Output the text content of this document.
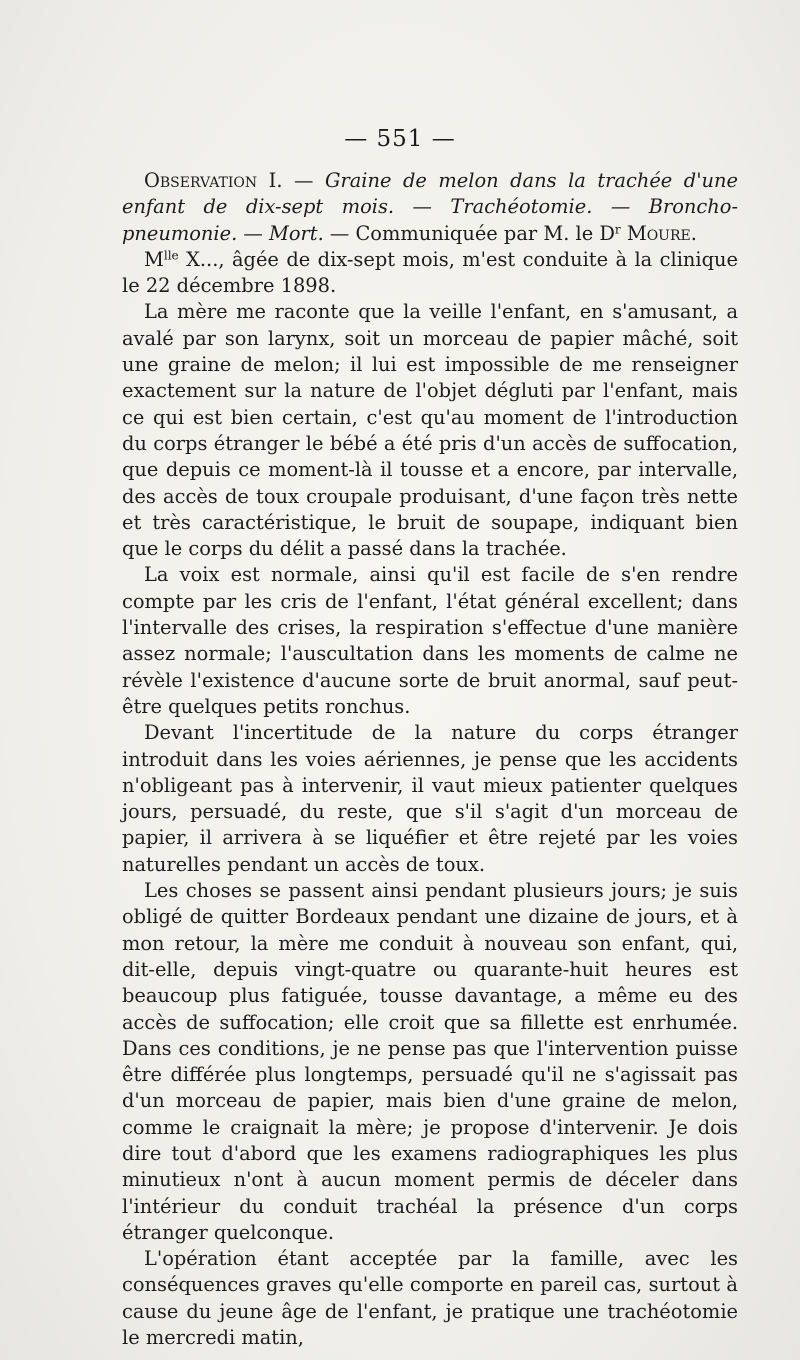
— 551 —

Observation I. — Graine de melon dans la trachée d'une enfant de dix-sept mois. — Trachéotomie. — Broncho-pneumonie. — Mort. — Communiquée par M. le $D^r$ Moure.

$M^{lle}$ X..., âgée de dix-sept mois, m'est conduite à la clinique le 22 décembre 1898.

La mère me raconte que la veille l'enfant, en s'amusant, a avalé par son larynx, soit un morceau de papier mâché, soit une graine de melon; il lui est impossible de me renseigner exactement sur la nature de l'objet dégluti par l'enfant, mais ce qui est bien certain, c'est qu'au moment de l'introduction du corps étranger le bébé a été pris d'un accès de suffocation, que depuis ce moment-là il tousse et a encore, par intervalle, des accès de toux croupale produisant, d'une façon très nette et très caractéristique, le bruit de soupape, indiquant bien que le corps du délit a passé dans la trachée.

La voix est normale, ainsi qu'il est facile de s'en rendre compte par les cris de l'enfant, l'état général excellent; dans l'intervalle des crises, la respiration s'effectue d'une manière assez normale; l'auscultation dans les moments de calme ne révèle l'existence d'aucune sorte de bruit anormal, sauf peut-être quelques petits ronchus.

Devant l'incertitude de la nature du corps étranger introduit dans les voies aériennes, je pense que les accidents n'obligeant pas à intervenir, il vaut mieux patienter quelques jours, persuadé, du reste, que s'il s'agit d'un morceau de papier, il arrivera à se liquéfier et être rejeté par les voies naturelles pendant un accès de toux.

Les choses se passent ainsi pendant plusieurs jours; je suis obligé de quitter Bordeaux pendant une dizaine de jours, et à mon retour, la mère me conduit à nouveau son enfant, qui, dit-elle, depuis vingt-quatre ou quarante-huit heures est beaucoup plus fatiguée, tousse davantage, a même eu des accès de suffocation; elle croit que sa fillette est enrhumée. Dans ces conditions, je ne pense pas que l'intervention puisse être différée plus longtemps, persuadé qu'il ne s'agissait pas d'un morceau de papier, mais bien d'une graine de melon, comme le craignait la mère; je propose d'intervenir. Je dois dire tout d'abord que les examens radiographiques les plus minutieux n'ont à aucun moment permis de déceler dans l'intérieur du conduit trachéal la présence d'un corps étranger quelconque.

L'opération étant acceptée par la famille, avec les conséquences graves qu'elle comporte en pareil cas, surtout à cause du jeune âge de l'enfant, je pratique une trachéotomie le mercredi matin,
